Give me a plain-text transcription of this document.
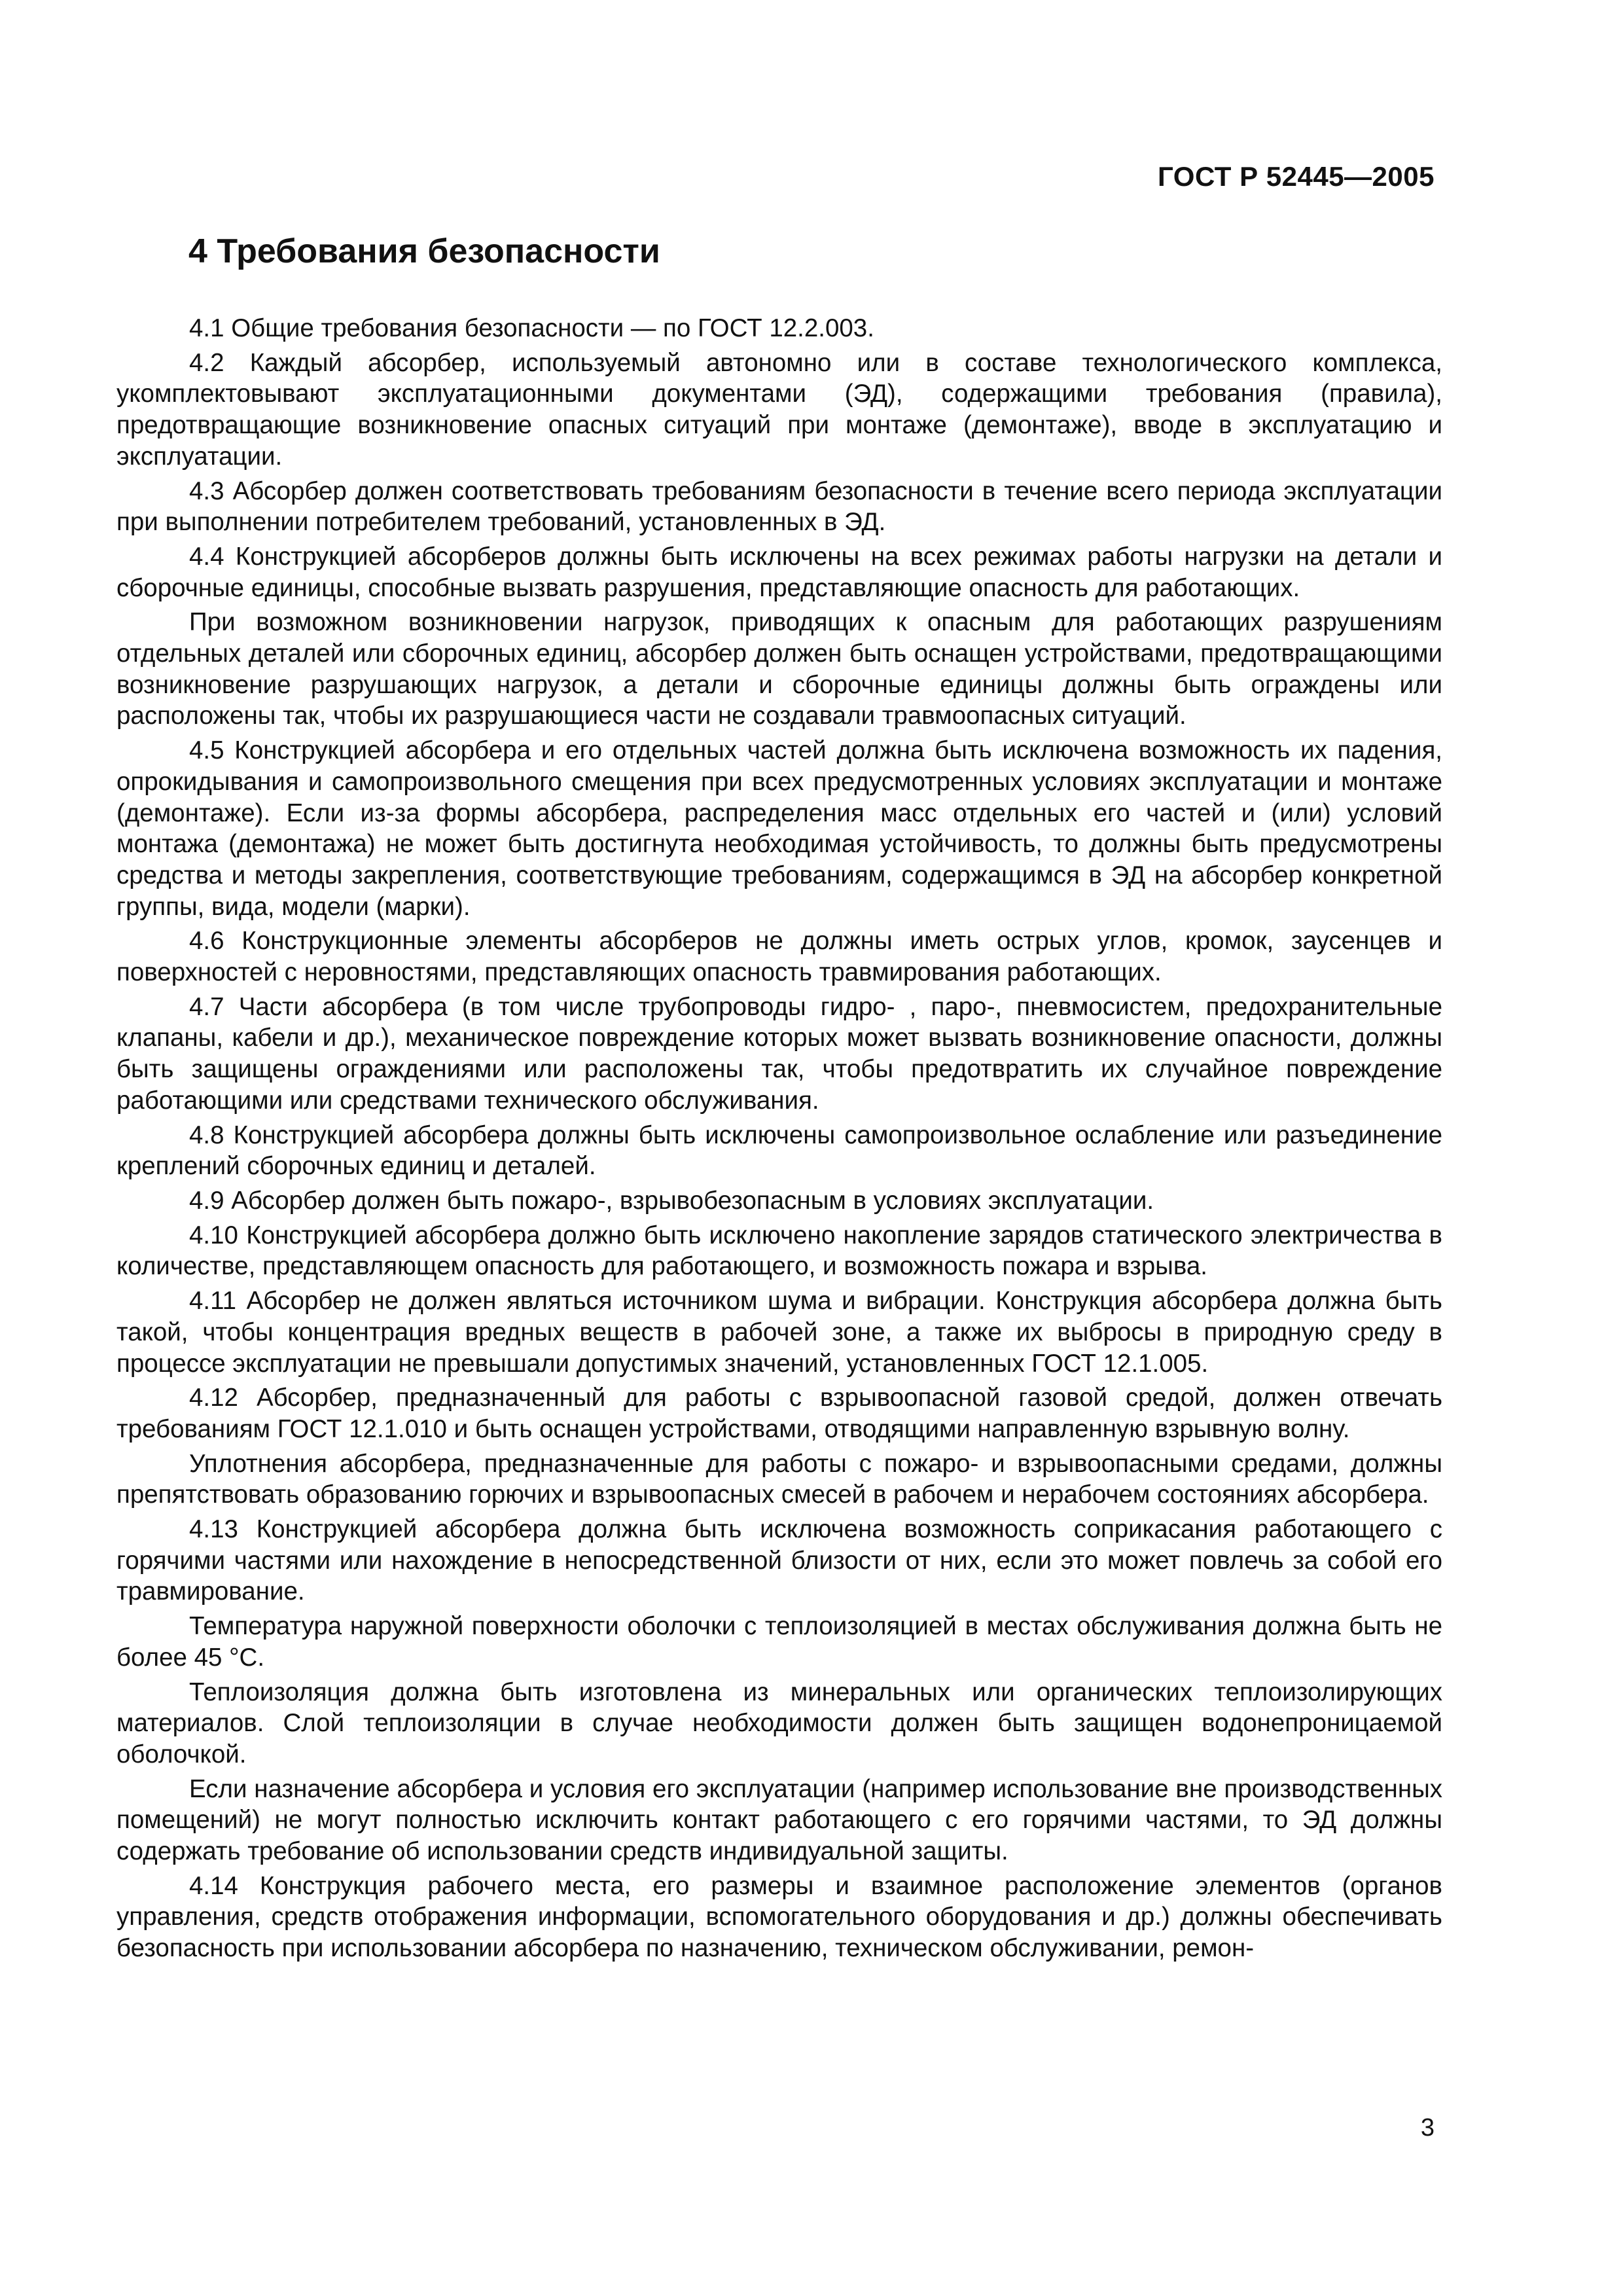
ГОСТ Р 52445—2005
4 Требования безопасности

4.1 Общие требования безопасности — по ГОСТ 12.2.003.

4.2 Каждый абсорбер, используемый автономно или в составе технологического комплекса, укомплектовывают эксплуатационными документами (ЭД), содержащими требования (правила), предотвращающие возникновение опасных ситуаций при монтаже (демонтаже), вводе в эксплуатацию и эксплуатации.

4.3 Абсорбер должен соответствовать требованиям безопасности в течение всего периода эксплуатации при выполнении потребителем требований, установленных в ЭД.

4.4 Конструкцией абсорберов должны быть исключены на всех режимах работы нагрузки на детали и сборочные единицы, способные вызвать разрушения, представляющие опасность для работающих.

При возможном возникновении нагрузок, приводящих к опасным для работающих разрушениям отдельных деталей или сборочных единиц, абсорбер должен быть оснащен устройствами, предотвращающими возникновение разрушающих нагрузок, а детали и сборочные единицы должны быть ограждены или расположены так, чтобы их разрушающиеся части не создавали травмоопасных ситуаций.

4.5 Конструкцией абсорбера и его отдельных частей должна быть исключена возможность их падения, опрокидывания и самопроизвольного смещения при всех предусмотренных условиях эксплуатации и монтаже (демонтаже). Если из-за формы абсорбера, распределения масс отдельных его частей и (или) условий монтажа (демонтажа) не может быть достигнута необходимая устойчивость, то должны быть предусмотрены средства и методы закрепления, соответствующие требованиям, содержащимся в ЭД на абсорбер конкретной группы, вида, модели (марки).

4.6 Конструкционные элементы абсорберов не должны иметь острых углов, кромок, заусенцев и поверхностей с неровностями, представляющих опасность травмирования работающих.

4.7 Части абсорбера (в том числе трубопроводы гидро- , паро-, пневмосистем, предохранительные клапаны, кабели и др.), механическое повреждение которых может вызвать возникновение опасности, должны быть защищены ограждениями или расположены так, чтобы предотвратить их случайное повреждение работающими или средствами технического обслуживания.

4.8 Конструкцией абсорбера должны быть исключены самопроизвольное ослабление или разъединение креплений сборочных единиц и деталей.

4.9 Абсорбер должен быть пожаро-, взрывобезопасным в условиях эксплуатации.

4.10 Конструкцией абсорбера должно быть исключено накопление зарядов статического электричества в количестве, представляющем опасность для работающего, и возможность пожара и взрыва.

4.11 Абсорбер не должен являться источником шума и вибрации. Конструкция абсорбера должна быть такой, чтобы концентрация вредных веществ в рабочей зоне, а также их выбросы в природную среду в процессе эксплуатации не превышали допустимых значений, установленных ГОСТ 12.1.005.

4.12 Абсорбер, предназначенный для работы с взрывоопасной газовой средой, должен отвечать требованиям ГОСТ 12.1.010 и быть оснащен устройствами, отводящими направленную взрывную волну.

Уплотнения абсорбера, предназначенные для работы с пожаро- и взрывоопасными средами, должны препятствовать образованию горючих и взрывоопасных смесей в рабочем и нерабочем состояниях абсорбера.

4.13 Конструкцией абсорбера должна быть исключена возможность соприкасания работающего с горячими частями или нахождение в непосредственной близости от них, если это может повлечь за собой его травмирование.

Температура наружной поверхности оболочки с теплоизоляцией в местах обслуживания должна быть не более 45 °С.

Теплоизоляция должна быть изготовлена из минеральных или органических теплоизолирующих материалов. Слой теплоизоляции в случае необходимости должен быть защищен водонепроницаемой оболочкой.

Если назначение абсорбера и условия его эксплуатации (например использование вне производственных помещений) не могут полностью исключить контакт работающего с его горячими частями, то ЭД должны содержать требование об использовании средств индивидуальной защиты.

4.14 Конструкция рабочего места, его размеры и взаимное расположение элементов (органов управления, средств отображения информации, вспомогательного оборудования и др.) должны обеспечивать безопасность при использовании абсорбера по назначению, техническом обслуживании, ремон-

3
